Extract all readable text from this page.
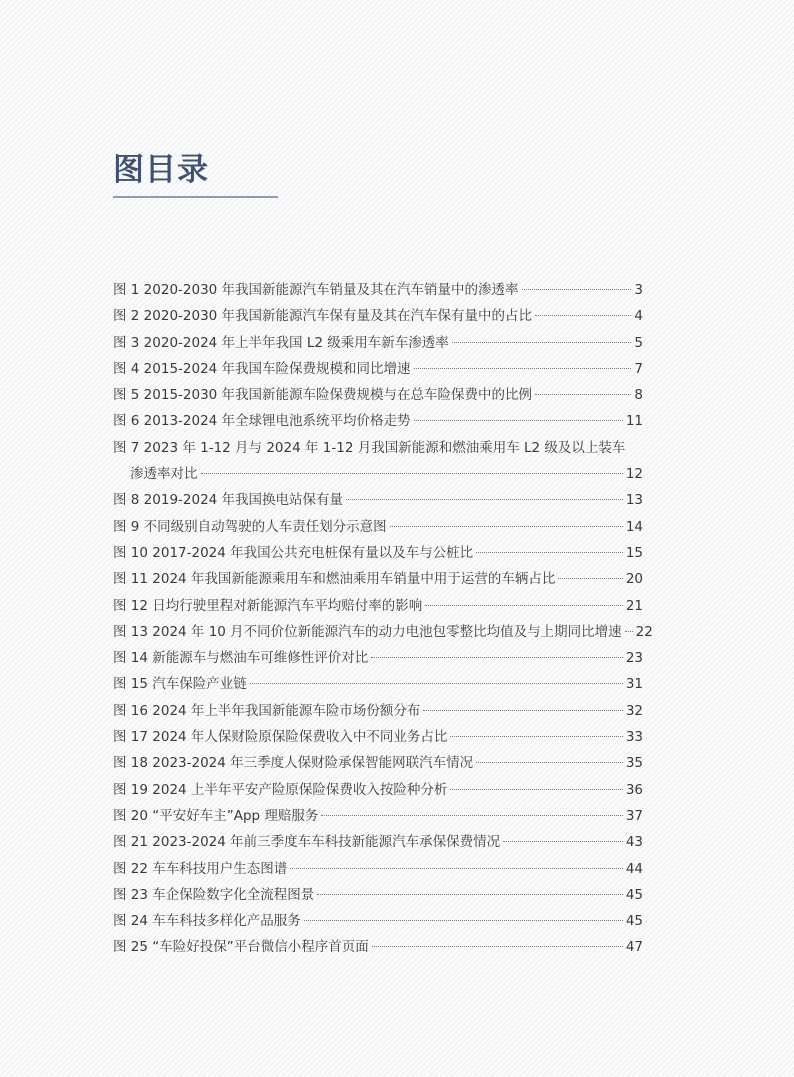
图目录
图 1 2020-2030 年我国新能源汽车销量及其在汽车销量中的渗透率	3
图 2 2020-2030 年我国新能源汽车保有量及其在汽车保有量中的占比	4
图 3 2020-2024 年上半年我国 L2 级乘用车新车渗透率	5
图 4 2015-2024 年我国车险保费规模和同比增速	7
图 5 2015-2030 年我国新能源车险保费规模与在总车险保费中的比例	8
图 6 2013-2024 年全球锂电池系统平均价格走势	11
图 7 2023 年 1-12 月与 2024 年 1-12 月我国新能源和燃油乘用车 L2 级及以上装车
渗透率对比	12
图 8 2019-2024 年我国换电站保有量	13
图 9 不同级别自动驾驶的人车责任划分示意图	14
图 10 2017-2024 年我国公共充电桩保有量以及车与公桩比	15
图 11 2024 年我国新能源乘用车和燃油乘用车销量中用于运营的车辆占比	20
图 12 日均行驶里程对新能源汽车平均赔付率的影响	21
图 13 2024 年 10 月不同价位新能源汽车的动力电池包零整比均值及与上期同比增速 22
图 14 新能源车与燃油车可维修性评价对比	23
图 15 汽车保险产业链	31
图 16 2024 年上半年我国新能源车险市场份额分布	32
图 17 2024 年人保财险原保险保费收入中不同业务占比	33
图 18 2023-2024 年三季度人保财险承保智能网联汽车情况	35
图 19 2024 上半年平安产险原保险保费收入按险种分析	36
图 20 “平安好车主”App 理赔服务	37
图 21 2023-2024 年前三季度车车科技新能源汽车承保保费情况	43
图 22 车车科技用户生态图谱	44
图 23 车企保险数字化全流程图景	45
图 24 车车科技多样化产品服务	45
图 25 “车险好投保”平台微信小程序首页面	47
